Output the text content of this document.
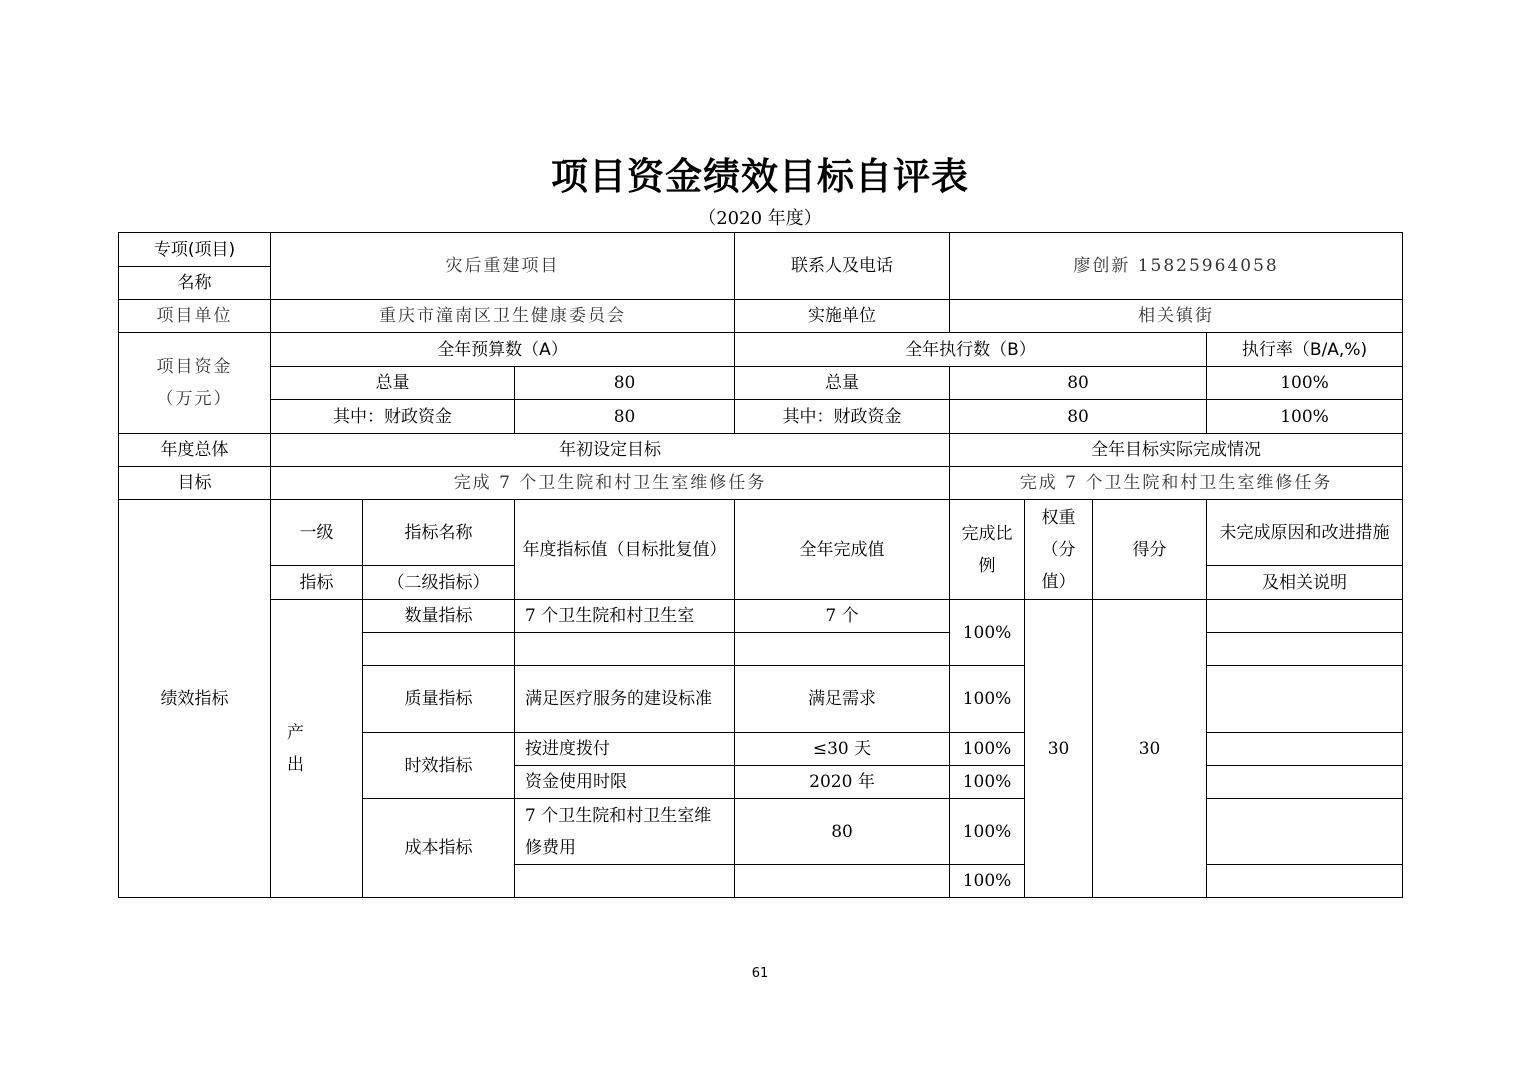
项目资金绩效目标自评表
（2020 年度）
专项(项目)	灾后重建项目			联系人及电话	廖创新 15825964058			
名称								
项目单位	重庆市潼南区卫生健康委员会			实施单位	相关镇街			

项目资金
（万元）	全年预算数（A）			全年执行数（B）				执行率（B/A,%)
	总量		80	总量	80			100%
	其中：财政资金		80	其中：财政资金	80			100%
年度总体	年初设定目标				全年目标实际完成情况			
目标	完成 7 个卫生院和村卫生室维修任务				完成 7 个卫生院和村卫生室维修任务			
绩效指标	一级	指标名称	年度指标值（目标批复值）	全年完成值	完成比例	权重（分值）	得分	未完成原因和改进措施
	指标	（二级指标）						及相关说明

	产出	数量指标	7 个卫生院和村卫生室	7 个	100%	30	30	

		质量指标	满足医疗服务的建设标准	满足需求	100%			
		时效指标	按进度拨付	≤30 天	100%			
			资金使用时限	2020 年	100%			
		成本指标	7 个卫生院和村卫生室维修费用	80	100%			
					100%			
61
